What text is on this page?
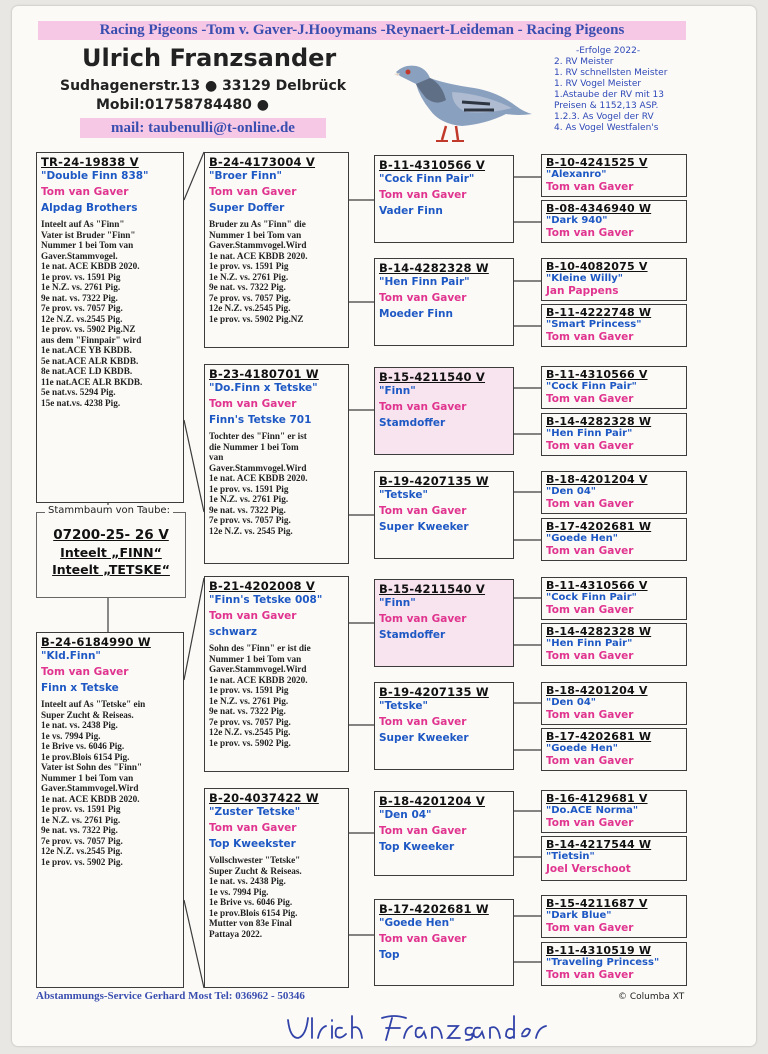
Racing Pigeons -Tom v. Gaver-J.Hooymans -Reynaert-Leideman - Racing Pigeons
Ulrich Franzsander
Sudhagenerstr.13 ● 33129 Delbrück
Mobil:01758784480 ●
mail: taubenulli@t-online.de
-Erfolge 2022-
2. RV Meister
1. RV schnellsten Meister
1. RV Vogel Meister
1.Astaube der RV mit 13
Preisen & 1152,13 ASP.
1.2.3. As Vogel der RV
4. As Vogel Westfalen's
TR-24-19838 V
"Double Finn 838"
Tom van Gaver
Alpdag Brothers
Inteelt auf As "Finn"
Vater ist Bruder "Finn"
Nummer 1 bei Tom van
Gaver.Stammvogel.
1e nat. ACE KBDB 2020.
1e prov. vs. 1591 Pig
1e N.Z. vs. 2761 Pig.
9e nat. vs. 7322 Pig.
7e prov. vs. 7057 Pig.
12e N.Z. vs.2545 Pig.
1e prov. vs. 5902 Pig.NZ
aus dem "Finnpair" wird
1e nat.ACE YB KBDB.
5e nat.ACE ALR KBDB.
8e nat.ACE LD KBDB.
11e nat.ACE ALR BKDB.
5e nat.vs. 5294 Pig.
15e nat.vs. 4238 Pig.
Stammbaum von Taube:
07200-25- 26 V
Inteelt „FINN“
Inteelt „TETSKE“
B-24-6184990 W
"Kld.Finn"
Tom van Gaver
Finn x Tetske
Inteelt auf As "Tetske" ein
Super Zucht & Reiseas.
1e nat. vs. 2438 Pig.
1e vs. 7994 Pig.
1e Brive vs. 6046 Pig.
1e prov.Blois 6154 Pig.
Vater ist Sohn des "Finn"
Nummer 1 bei Tom van
Gaver.Stammvogel.Wird
1e nat. ACE KBDB 2020.
1e prov. vs. 1591 Pig
1e N.Z. vs. 2761 Pig.
9e nat. vs. 7322 Pig.
7e prov. vs. 7057 Pig.
12e N.Z. vs.2545 Pig.
1e prov. vs. 5902 Pig.
B-24-4173004 V
"Broer Finn"
Tom van Gaver
Super Doffer
Bruder zu As "Finn" die
Nummer 1 bei Tom van
Gaver.Stammvogel.Wird
1e nat. ACE KBDB 2020.
1e prov. vs. 1591 Pig
1e N.Z. vs. 2761 Pig.
9e nat. vs. 7322 Pig.
7e prov. vs. 7057 Pig.
12e N.Z. vs.2545 Pig.
1e prov. vs. 5902 Pig.NZ
B-23-4180701 W
"Do.Finn x Tetske"
Tom van Gaver
Finn's Tetske 701
Tochter des "Finn" er ist
die Nummer 1 bei Tom
van
Gaver.Stammvogel.Wird
1e nat. ACE KBDB 2020.
1e prov. vs. 1591 Pig
1e N.Z. vs. 2761 Pig.
9e nat. vs. 7322 Pig.
7e prov. vs. 7057 Pig.
12e N.Z. vs. 2545 Pig.
B-21-4202008 V
"Finn's Tetske 008"
Tom van Gaver
schwarz
Sohn des "Finn" er ist die
Nummer 1 bei Tom van
Gaver.Stammvogel.Wird
1e nat. ACE KBDB 2020.
1e prov. vs. 1591 Pig
1e N.Z. vs. 2761 Pig.
9e nat. vs. 7322 Pig.
7e prov. vs. 7057 Pig.
12e N.Z. vs.2545 Pig.
1e prov. vs. 5902 Pig.
B-20-4037422 W
"Zuster Tetske"
Tom van Gaver
Top Kweekster
Vollschwester "Tetske"
Super Zucht & Reiseas.
1e nat. vs. 2438 Pig.
1e vs. 7994 Pig.
1e Brive vs. 6046 Pig.
1e prov.Blois 6154 Pig.
Mutter von 83e Final
Pattaya 2022.
B-11-4310566 V
"Cock Finn Pair"
Tom van Gaver
Vader Finn
B-14-4282328 W
"Hen Finn Pair"
Tom van Gaver
Moeder Finn
B-15-4211540 V
"Finn"
Tom van Gaver
Stamdoffer
B-19-4207135 W
"Tetske"
Tom van Gaver
Super Kweeker
B-15-4211540 V
"Finn"
Tom van Gaver
Stamdoffer
B-19-4207135 W
"Tetske"
Tom van Gaver
Super Kweeker
B-18-4201204 V
"Den 04"
Tom van Gaver
Top Kweeker
B-17-4202681 W
"Goede Hen"
Tom van Gaver
Top
B-10-4241525 V
"Alexanro"
Tom van Gaver
B-08-4346940 W
"Dark 940"
Tom van Gaver
B-10-4082075 V
"Kleine Willy"
Jan Pappens
B-11-4222748 W
"Smart Princess"
Tom van Gaver
B-11-4310566 V
"Cock Finn Pair"
Tom van Gaver
B-14-4282328 W
"Hen Finn Pair"
Tom van Gaver
B-18-4201204 V
"Den 04"
Tom van Gaver
B-17-4202681 W
"Goede Hen"
Tom van Gaver
B-11-4310566 V
"Cock Finn Pair"
Tom van Gaver
B-14-4282328 W
"Hen Finn Pair"
Tom van Gaver
B-18-4201204 V
"Den 04"
Tom van Gaver
B-17-4202681 W
"Goede Hen"
Tom van Gaver
B-16-4129681 V
"Do.ACE Norma"
Tom van Gaver
B-14-4217544 W
"Tietsin"
Joel Verschoot
B-15-4211687 V
"Dark Blue"
Tom van Gaver
B-11-4310519 W
"Traveling Princess"
Tom van Gaver
Abstammungs-Service Gerhard Most Tel: 036962 - 50346	© Columba XT
